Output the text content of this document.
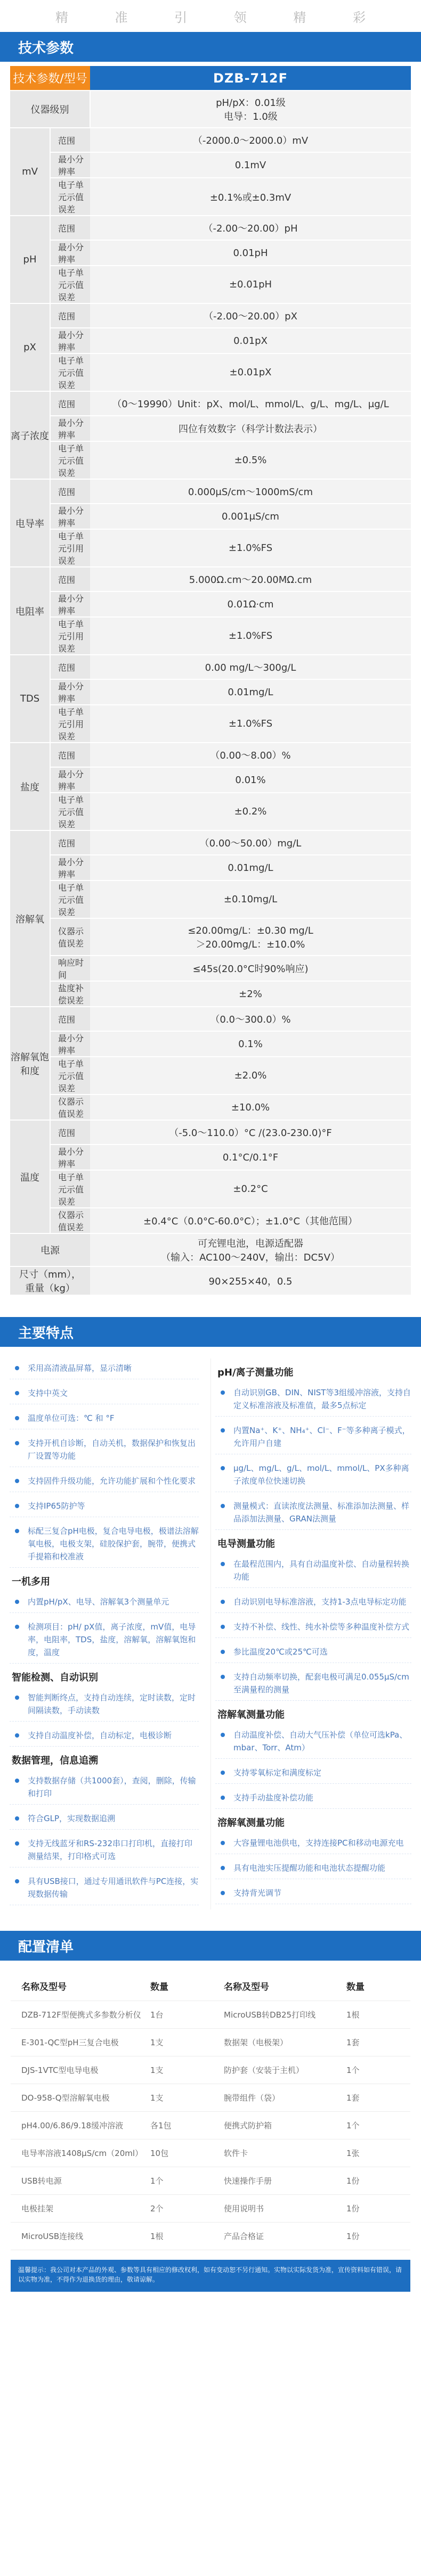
精 准 引 领 精 彩
技术参数
技术参数/型号		DZB-712F
仪器级别		pH/pX：0.01级
电导：1.0级
mV	范围	（-2000.0～2000.0）mV
	最小分辨率	0.1mV
	电子单元示值误差	±0.1%或±0.3mV
pH	范围	（-2.00～20.00）pH
	最小分辨率	0.01pH
	电子单元示值误差	±0.01pH
pX	范围	（-2.00～20.00）pX
	最小分辨率	0.01pX
	电子单元示值误差	±0.01pX
离子浓度	范围	（0～19990）Unit：pX、mol/L、mmol/L、g/L、mg/L、μg/L
	最小分辨率	四位有效数字（科学计数法表示）
	电子单元示值误差	±0.5%
电导率	范围	0.000μS/cm～1000mS/cm
	最小分辨率	0.001μS/cm
	电子单元引用误差	±1.0%FS
电阻率	范围	5.000Ω.cm～20.00MΩ.cm
	最小分辨率	0.01Ω·cm
	电子单元引用误差	±1.0%FS
TDS	范围	0.00 mg/L～300g/L
	最小分辨率	0.01mg/L
	电子单元引用误差	±1.0%FS
盐度	范围	（0.00～8.00）%
	最小分辨率	0.01%
	电子单元示值误差	±0.2%
溶解氧	范围	（0.00～50.00）mg/L
	最小分辨率	0.01mg/L
	电子单元示值误差	±0.10mg/L
	仪器示值误差	≤20.00mg/L：±0.30 mg/L
＞20.00mg/L：±10.0%
	响应时间	≤45s(20.0°C时90%响应)
	盐度补偿误差	±2%
溶解氧饱和度	范围	（0.0～300.0）%
	最小分辨率	0.1%
	电子单元示值误差	±2.0%
	仪器示值误差	±10.0%
温度	范围	（-5.0～110.0）°C /(23.0-230.0)°F
	最小分辨率	0.1°C/0.1°F
	电子单元示值误差	±0.2°C
	仪器示值误差	±0.4°C（0.0°C-60.0°C）；±1.0°C（其他范围）
电源		可充锂电池，电源适配器
（输入：AC100～240V，输出：DC5V）
尺寸（mm），重量（kg）		90×255×40，0.5
主要特点
采用高清液晶屏幕，显示清晰
支持中英文
温度单位可选：℃ 和 °F
支持开机自诊断，自动关机，数据保护和恢复出厂设置等功能
支持固件升级功能，允许功能扩展和个性化要求
支持IP65防护等
标配三复合pH电极，复合电导电极，极谱法溶解氧电极，电极支架，硅胶保护套，腕带，便携式手提箱和校准液
一机多用
内置pH/pX、电导、溶解氧3个测量单元
检测项目：pH/ pX值，离子浓度，mV值，电导率，电阻率，TDS，盐度，溶解氧，溶解氧饱和度，温度
智能检测、自动识别
智能判断终点，支持自动连续，定时读数，定时间隔读数，手动读数
支持自动温度补偿，自动标定，电极诊断
数据管理，信息追溯
支持数据存储（共1000套），查阅，删除，传输和打印
符合GLP，实现数据追溯
支持无线蓝牙和RS-232串口打印机，直接打印测量结果，打印格式可选
具有USB接口，通过专用通讯软件与PC连接，实现数据传输
pH/离子测量功能
自动识别GB、DIN、NIST等3组缓冲溶液，支持自定义标准溶液及标准值，最多5点标定
内置Na⁺、K⁺、NH₄⁺、Cl⁻、F⁻等多种离子模式，允许用户自建
μg/L、mg/L、g/L、mol/L、mmol/L、PX多种离子浓度单位快速切换
测量模式：直读浓度法测量、标准添加法测量、样品添加法测量、GRAN法测量
电导测量功能
在最程范围内，具有自动温度补偿、自动量程转换功能
自动识别电导标准溶液，支持1-3点电导标定功能
支持不补偿、线性、纯水补偿等多种温度补偿方式
参比温度20℃或25℃可选
支持自动频率切换，配套电极可满足0.055μS/cm至满量程的测量
溶解氧测量功能
自动温度补偿、自动大气压补偿（单位可选kPa、mbar、Torr、Atm）
支持零氧标定和满度标定
支持手动盐度补偿功能
溶解氧测量功能
大容量锂电池供电，支持连接PC和移动电源充电
具有电池实压提醒功能和电池状态提醒功能
支持背光调节
配置清单
名称及型号	数量	名称及型号	数量
DZB-712F型便携式多参数分析仪	1台	MicroUSB转DB25打印线	1根
E-301-QC型pH三复合电极	1支	数据架（电极架）	1套
DJS-1VTC型电导电极	1支	防护套（安装于主机）	1个
DO-958-Q型溶解氧电极	1支	腕带组件（袋）	1套
pH4.00/6.86/9.18缓冲溶液	各1包	便携式防护箱	1个
电导率溶液1408μS/cm（20ml） 10包	软件卡	1张
USB转电源	1个	快速操作手册	1份
电极挂架	2个	使用说明书	1份
MicroUSB连接线	1根	产品合格证	1份
温馨提示：我公司对本产品的外观、参数等具有相应的修改权利，如有变动恕不另行通知。实物以实际发货为准，宣传资料如有错误，请以实物为准，不得作为退换货的理由，敬请谅解。
